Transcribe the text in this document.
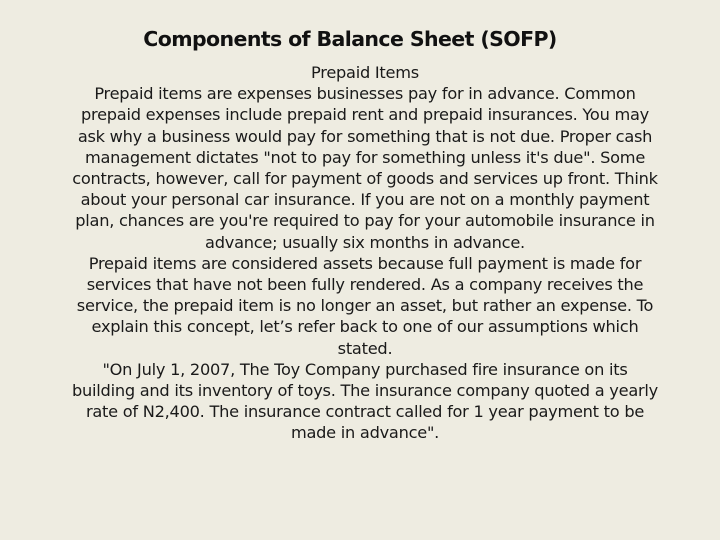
Components of Balance Sheet (SOFP)

Prepaid Items

Prepaid items are expenses businesses pay for in advance. Common prepaid expenses include prepaid rent and prepaid insurances. You may ask why a business would pay for something that is not due. Proper cash management dictates "not to pay for something unless it's due". Some contracts, however, call for payment of goods and services up front. Think about your personal car insurance. If you are not on a monthly payment plan, chances are you're required to pay for your automobile insurance in advance; usually six months in advance.

Prepaid items are considered assets because full payment is made for services that have not been fully rendered. As a company receives the service, the prepaid item is no longer an asset, but rather an expense. To explain this concept, let’s refer back to one of our assumptions which stated.

"On July 1, 2007, The Toy Company purchased fire insurance on its building and its inventory of toys. The insurance company quoted a yearly rate of N2,400. The insurance contract called for 1 year payment to be made in advance".
